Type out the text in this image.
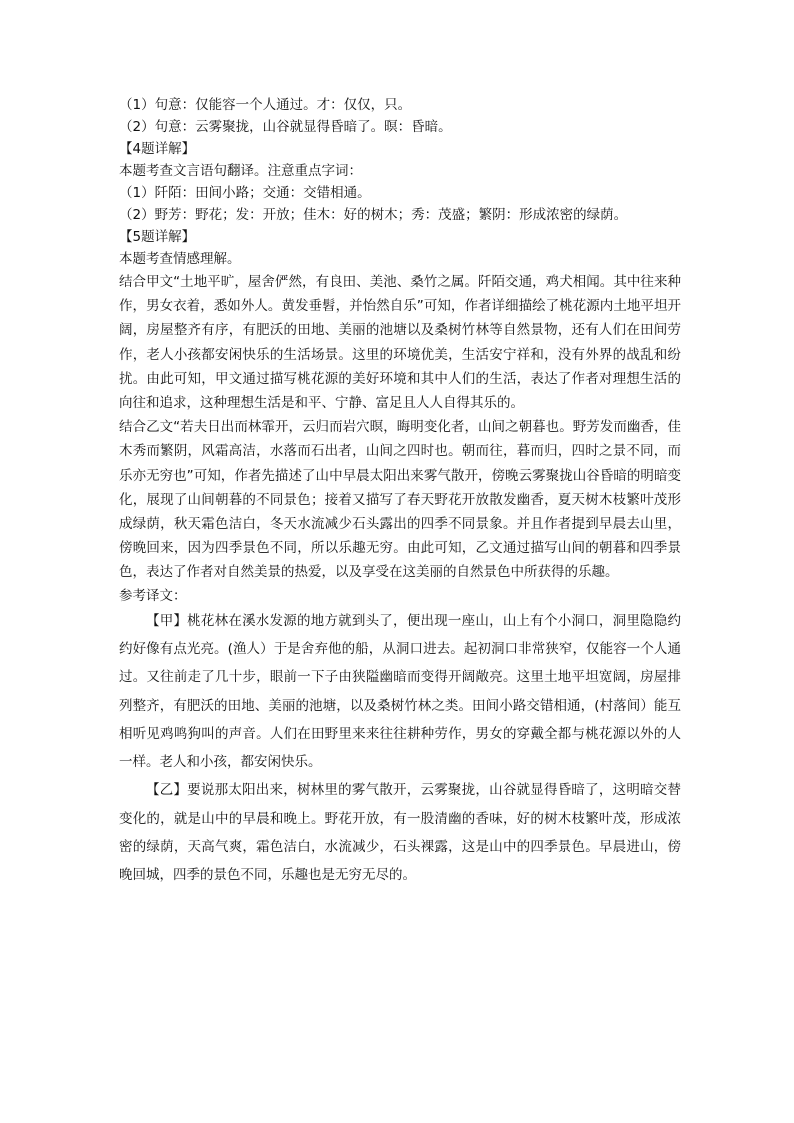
（1）句意：仅能容一个人通过。才：仅仅，只。

（2）句意：云雾聚拢，山谷就显得昏暗了。暝：昏暗。

【4题详解】

本题考查文言语句翻译。注意重点字词：

（1）阡陌：田间小路；交通：交错相通。

（2）野芳：野花；发：开放；佳木：好的树木；秀：茂盛；繁阴：形成浓密的绿荫。

【5题详解】

本题考查情感理解。

结合甲文“土地平旷，屋舍俨然，有良田、美池、桑竹之属。阡陌交通，鸡犬相闻。其中往来种作，男女衣着，悉如外人。黄发垂髫，并怡然自乐”可知，作者详细描绘了桃花源内土地平坦开阔，房屋整齐有序，有肥沃的田地、美丽的池塘以及桑树竹林等自然景物，还有人们在田间劳作，老人小孩都安闲快乐的生活场景。这里的环境优美，生活安宁祥和，没有外界的战乱和纷扰。由此可知，甲文通过描写桃花源的美好环境和其中人们的生活，表达了作者对理想生活的向往和追求，这种理想生活是和平、宁静、富足且人人自得其乐的。

结合乙文“若夫日出而林霏开，云归而岩穴暝，晦明变化者，山间之朝暮也。野芳发而幽香，佳木秀而繁阴，风霜高洁，水落而石出者，山间之四时也。朝而往，暮而归，四时之景不同，而乐亦无穷也”可知，作者先描述了山中早晨太阳出来雾气散开，傍晚云雾聚拢山谷昏暗的明暗变化，展现了山间朝暮的不同景色；接着又描写了春天野花开放散发幽香，夏天树木枝繁叶茂形成绿荫，秋天霜色洁白，冬天水流减少石头露出的四季不同景象。并且作者提到早晨去山里，傍晚回来，因为四季景色不同，所以乐趣无穷。由此可知，乙文通过描写山间的朝暮和四季景色，表达了作者对自然美景的热爱，以及享受在这美丽的自然景色中所获得的乐趣。

参考译文：

【甲】桃花林在溪水发源的地方就到头了，便出现一座山，山上有个小洞口，洞里隐隐约约好像有点光亮。(渔人）于是舍弃他的船，从洞口进去。起初洞口非常狭窄，仅能容一个人通过。又往前走了几十步，眼前一下子由狭隘幽暗而变得开阔敞亮。这里土地平坦宽阔，房屋排列整齐，有肥沃的田地、美丽的池塘，以及桑树竹林之类。田间小路交错相通，(村落间）能互相听见鸡鸣狗叫的声音。人们在田野里来来往往耕种劳作，男女的穿戴全都与桃花源以外的人一样。老人和小孩，都安闲快乐。

【乙】要说那太阳出来，树林里的雾气散开，云雾聚拢，山谷就显得昏暗了，这明暗交替变化的，就是山中的早晨和晚上。野花开放，有一股清幽的香味，好的树木枝繁叶茂，形成浓密的绿荫，天高气爽，霜色洁白，水流减少，石头裸露，这是山中的四季景色。早晨进山，傍晚回城，四季的景色不同，乐趣也是无穷无尽的。
